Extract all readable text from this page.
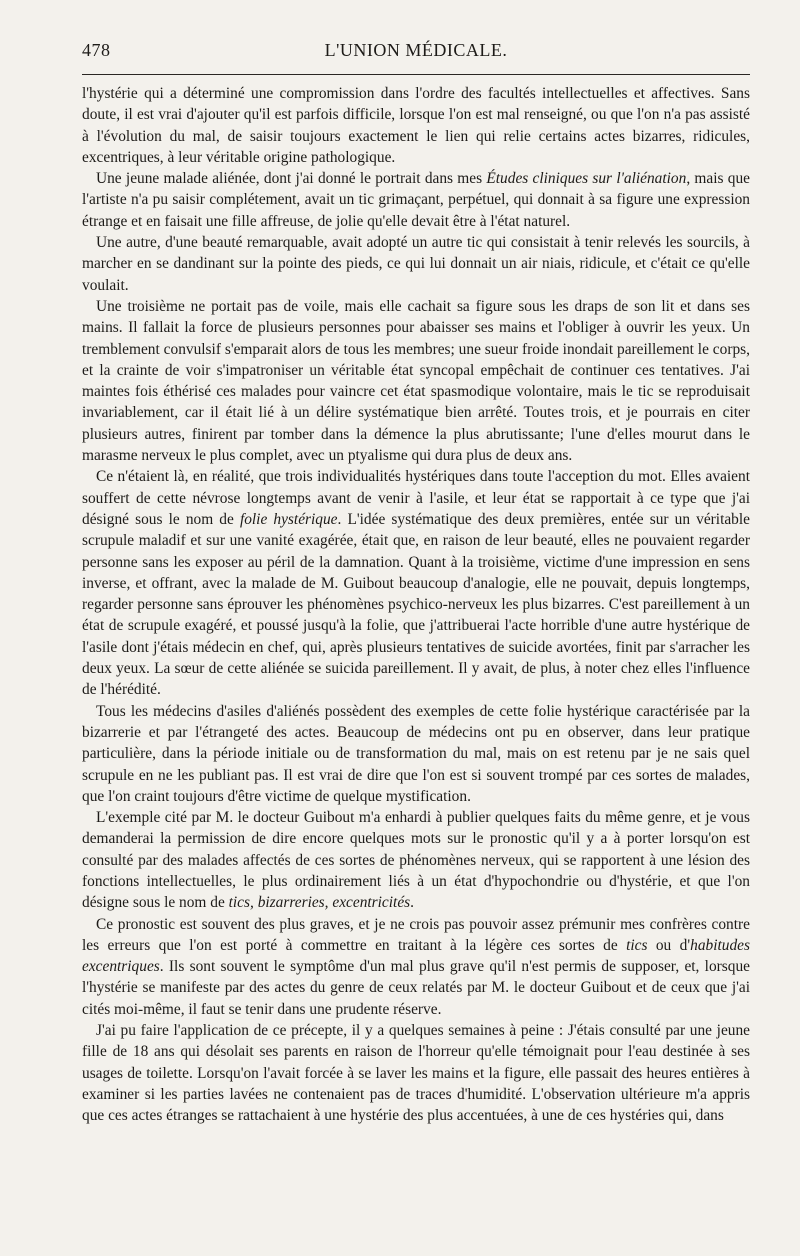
478	L'UNION MÉDICALE.

l'hystérie qui a déterminé une compromission dans l'ordre des facultés intellectuelles et affectives. Sans doute, il est vrai d'ajouter qu'il est parfois difficile, lorsque l'on est mal renseigné, ou que l'on n'a pas assisté à l'évolution du mal, de saisir toujours exactement le lien qui relie certains actes bizarres, ridicules, excentriques, à leur véritable origine pathologique.

Une jeune malade aliénée, dont j'ai donné le portrait dans mes Études cliniques sur l'aliénation, mais que l'artiste n'a pu saisir complétement, avait un tic grimaçant, perpétuel, qui donnait à sa figure une expression étrange et en faisait une fille affreuse, de jolie qu'elle devait être à l'état naturel.

Une autre, d'une beauté remarquable, avait adopté un autre tic qui consistait à tenir relevés les sourcils, à marcher en se dandinant sur la pointe des pieds, ce qui lui donnait un air niais, ridicule, et c'était ce qu'elle voulait.

Une troisième ne portait pas de voile, mais elle cachait sa figure sous les draps de son lit et dans ses mains. Il fallait la force de plusieurs personnes pour abaisser ses mains et l'obliger à ouvrir les yeux. Un tremblement convulsif s'emparait alors de tous les membres; une sueur froide inondait pareillement le corps, et la crainte de voir s'impatroniser un véritable état syncopal empêchait de continuer ces tentatives. J'ai maintes fois éthérisé ces malades pour vaincre cet état spasmodique volontaire, mais le tic se reproduisait invariablement, car il était lié à un délire systématique bien arrêté. Toutes trois, et je pourrais en citer plusieurs autres, finirent par tomber dans la démence la plus abrutissante; l'une d'elles mourut dans le marasme nerveux le plus complet, avec un ptyalisme qui dura plus de deux ans.

Ce n'étaient là, en réalité, que trois individualités hystériques dans toute l'acception du mot. Elles avaient souffert de cette névrose longtemps avant de venir à l'asile, et leur état se rapportait à ce type que j'ai désigné sous le nom de folie hystérique. L'idée systématique des deux premières, entée sur un véritable scrupule maladif et sur une vanité exagérée, était que, en raison de leur beauté, elles ne pouvaient regarder personne sans les exposer au péril de la damnation. Quant à la troisième, victime d'une impression en sens inverse, et offrant, avec la malade de M. Guibout beaucoup d'analogie, elle ne pouvait, depuis longtemps, regarder personne sans éprouver les phénomènes psychico-nerveux les plus bizarres. C'est pareillement à un état de scrupule exagéré, et poussé jusqu'à la folie, que j'attribuerai l'acte horrible d'une autre hystérique de l'asile dont j'étais médecin en chef, qui, après plusieurs tentatives de suicide avortées, finit par s'arracher les deux yeux. La sœur de cette aliénée se suicida pareillement. Il y avait, de plus, à noter chez elles l'influence de l'hérédité.

Tous les médecins d'asiles d'aliénés possèdent des exemples de cette folie hystérique caractérisée par la bizarrerie et par l'étrangeté des actes. Beaucoup de médecins ont pu en observer, dans leur pratique particulière, dans la période initiale ou de transformation du mal, mais on est retenu par je ne sais quel scrupule en ne les publiant pas. Il est vrai de dire que l'on est si souvent trompé par ces sortes de malades, que l'on craint toujours d'être victime de quelque mystification.

L'exemple cité par M. le docteur Guibout m'a enhardi à publier quelques faits du même genre, et je vous demanderai la permission de dire encore quelques mots sur le pronostic qu'il y a à porter lorsqu'on est consulté par des malades affectés de ces sortes de phénomènes nerveux, qui se rapportent à une lésion des fonctions intellectuelles, le plus ordinairement liés à un état d'hypochondrie ou d'hystérie, et que l'on désigne sous le nom de tics, bizarreries, excentricités.

Ce pronostic est souvent des plus graves, et je ne crois pas pouvoir assez prémunir mes confrères contre les erreurs que l'on est porté à commettre en traitant à la légère ces sortes de tics ou d'habitudes excentriques. Ils sont souvent le symptôme d'un mal plus grave qu'il n'est permis de supposer, et, lorsque l'hystérie se manifeste par des actes du genre de ceux relatés par M. le docteur Guibout et de ceux que j'ai cités moi-même, il faut se tenir dans une prudente réserve.

J'ai pu faire l'application de ce précepte, il y a quelques semaines à peine : J'étais consulté par une jeune fille de 18 ans qui désolait ses parents en raison de l'horreur qu'elle témoignait pour l'eau destinée à ses usages de toilette. Lorsqu'on l'avait forcée à se laver les mains et la figure, elle passait des heures entières à examiner si les parties lavées ne contenaient pas de traces d'humidité. L'observation ultérieure m'a appris que ces actes étranges se rattachaient à une hystérie des plus accentuées, à une de ces hystéries qui, dans
